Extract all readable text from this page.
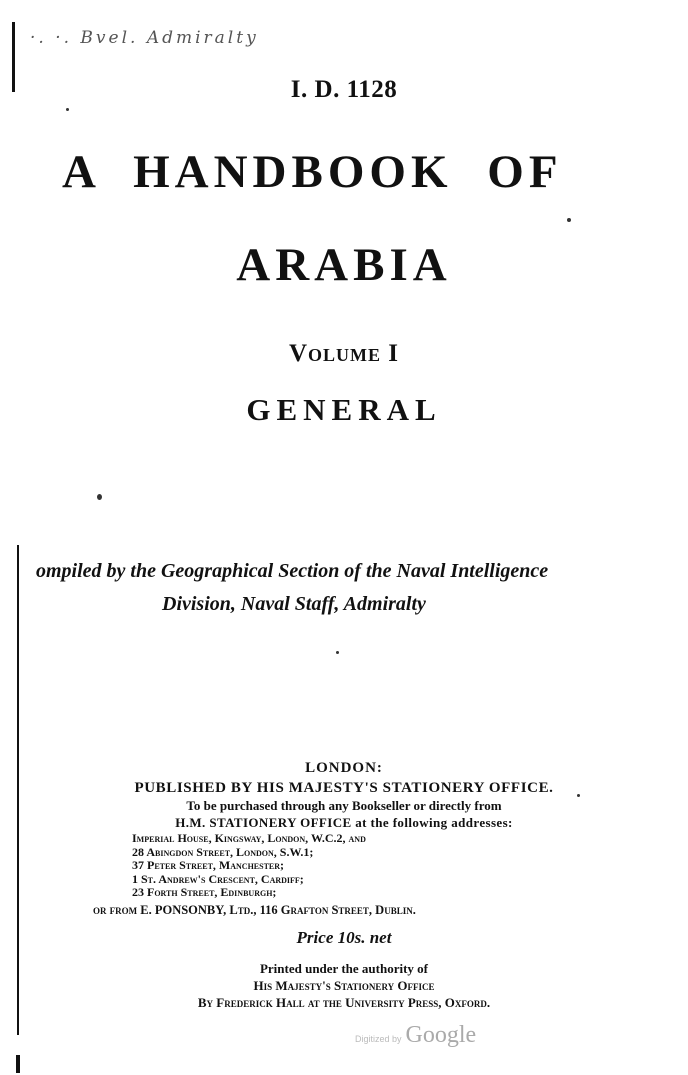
·. ·. Bvel. Admiralty
I. D. 1128
A HANDBOOK OF
ARABIA
Volume I
GENERAL
ompiled by the Geographical Section of the Naval Intelligence
Division, Naval Staff, Admiralty
LONDON:
PUBLISHED BY HIS MAJESTY'S STATIONERY OFFICE.
To be purchased through any Bookseller or directly from
H.M. STATIONERY OFFICE at the following addresses:
Imperial House, Kingsway, London, W.C.2, and
28 Abingdon Street, London, S.W.1;
37 Peter Street, Manchester;
1 St. Andrew's Crescent, Cardiff;
23 Forth Street, Edinburgh;
or from E. PONSONBY, Ltd., 116 Grafton Street, Dublin.
Price 10s. net
Printed under the authority of
His Majesty's Stationery Office
By Frederick Hall at the University Press, Oxford.
Digitized by Google
